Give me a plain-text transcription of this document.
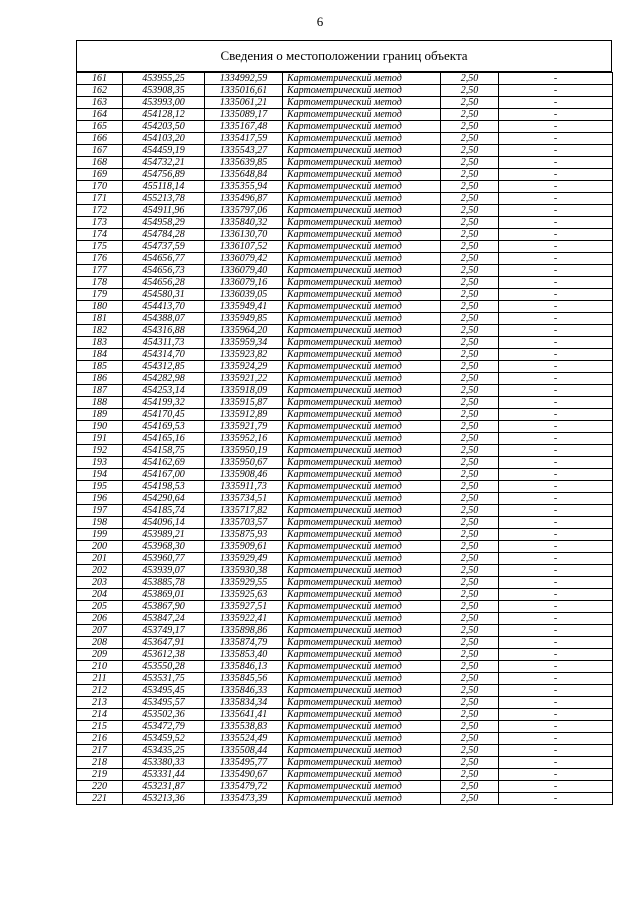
6
Сведения о местоположении границ объекта
161	453955,25	1334992,59	Картометрический метод	2,50	-
162	453908,35	1335016,61	Картометрический метод	2,50	-
163	453993,00	1335061,21	Картометрический метод	2,50	-
164	454128,12	1335089,17	Картометрический метод	2,50	-
165	454203,50	1335167,48	Картометрический метод	2,50	-
166	454103,20	1335417,59	Картометрический метод	2,50	-
167	454459,19	1335543,27	Картометрический метод	2,50	-
168	454732,21	1335639,85	Картометрический метод	2,50	-
169	454756,89	1335648,84	Картометрический метод	2,50	-
170	455118,14	1335355,94	Картометрический метод	2,50	-
171	455213,78	1335496,87	Картометрический метод	2,50	-
172	454911,96	1335797,06	Картометрический метод	2,50	-
173	454958,29	1335840,32	Картометрический метод	2,50	-
174	454784,28	1336130,70	Картометрический метод	2,50	-
175	454737,59	1336107,52	Картометрический метод	2,50	-
176	454656,77	1336079,42	Картометрический метод	2,50	-
177	454656,73	1336079,40	Картометрический метод	2,50	-
178	454656,28	1336079,16	Картометрический метод	2,50	-
179	454580,31	1336039,05	Картометрический метод	2,50	-
180	454413,70	1335949,41	Картометрический метод	2,50	-
181	454388,07	1335949,85	Картометрический метод	2,50	-
182	454316,88	1335964,20	Картометрический метод	2,50	-
183	454311,73	1335959,34	Картометрический метод	2,50	-
184	454314,70	1335923,82	Картометрический метод	2,50	-
185	454312,85	1335924,29	Картометрический метод	2,50	-
186	454282,98	1335921,22	Картометрический метод	2,50	-
187	454253,14	1335918,09	Картометрический метод	2,50	-
188	454199,32	1335915,87	Картометрический метод	2,50	-
189	454170,45	1335912,89	Картометрический метод	2,50	-
190	454169,53	1335921,79	Картометрический метод	2,50	-
191	454165,16	1335952,16	Картометрический метод	2,50	-
192	454158,75	1335950,19	Картометрический метод	2,50	-
193	454162,69	1335950,67	Картометрический метод	2,50	-
194	454167,00	1335908,46	Картометрический метод	2,50	-
195	454198,53	1335911,73	Картометрический метод	2,50	-
196	454290,64	1335734,51	Картометрический метод	2,50	-
197	454185,74	1335717,82	Картометрический метод	2,50	-
198	454096,14	1335703,57	Картометрический метод	2,50	-
199	453989,21	1335875,93	Картометрический метод	2,50	-
200	453968,30	1335909,61	Картометрический метод	2,50	-
201	453960,77	1335929,49	Картометрический метод	2,50	-
202	453939,07	1335930,38	Картометрический метод	2,50	-
203	453885,78	1335929,55	Картометрический метод	2,50	-
204	453869,01	1335925,63	Картометрический метод	2,50	-
205	453867,90	1335927,51	Картометрический метод	2,50	-
206	453847,24	1335922,41	Картометрический метод	2,50	-
207	453749,17	1335898,86	Картометрический метод	2,50	-
208	453647,91	1335874,79	Картометрический метод	2,50	-
209	453612,38	1335853,40	Картометрический метод	2,50	-
210	453550,28	1335846,13	Картометрический метод	2,50	-
211	453531,75	1335845,56	Картометрический метод	2,50	-
212	453495,45	1335846,33	Картометрический метод	2,50	-
213	453495,57	1335834,34	Картометрический метод	2,50	-
214	453502,36	1335641,41	Картометрический метод	2,50	-
215	453472,79	1335538,83	Картометрический метод	2,50	-
216	453459,52	1335524,49	Картометрический метод	2,50	-
217	453435,25	1335508,44	Картометрический метод	2,50	-
218	453380,33	1335495,77	Картометрический метод	2,50	-
219	453331,44	1335490,67	Картометрический метод	2,50	-
220	453231,87	1335479,72	Картометрический метод	2,50	-
221	453213,36	1335473,39	Картометрический метод	2,50	-
